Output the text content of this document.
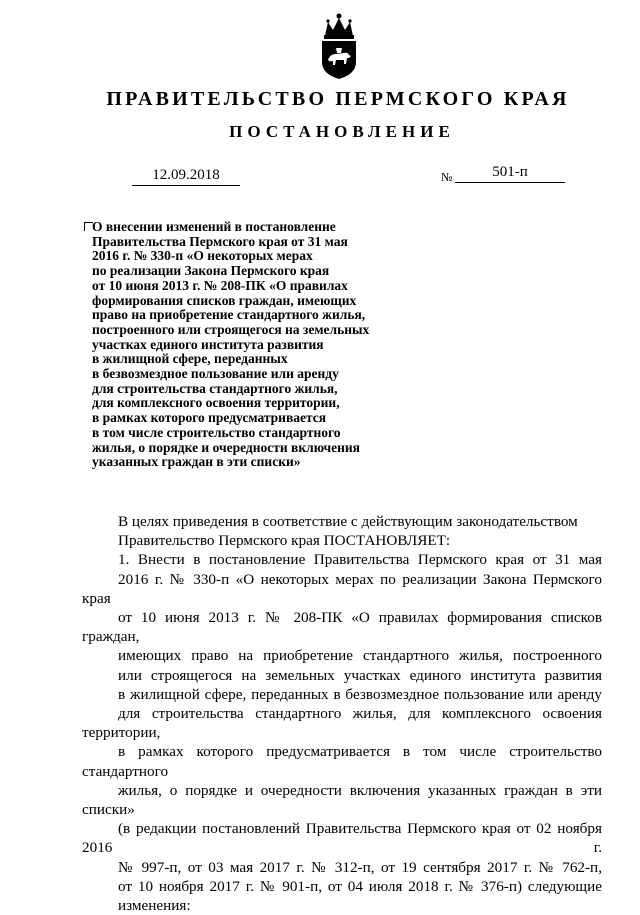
ПРАВИТЕЛЬСТВО ПЕРМСКОГО КРАЯ
ПОСТАНОВЛЕНИЕ
12.09.2018	№	501-п
О внесении изменений в постановление
Правительства Пермского края от 31 мая
2016 г. № 330-п «О некоторых мерах
по реализации Закона Пермского края
от 10 июня 2013 г. № 208-ПК «О правилах
формирования списков граждан, имеющих
право на приобретение стандартного жилья,
построенного или строящегося на земельных
участках единого института развития
в жилищной сфере, переданных
в безвозмездное пользование или аренду
для строительства стандартного жилья,
для комплексного освоения территории,
в рамках которого предусматривается
в том числе строительство стандартного
жилья, о порядке и очередности включения
указанных граждан в эти списки»

В целях приведения в соответствие с действующим законодательством

Правительство Пермского края ПОСТАНОВЛЯЕТ:

1. Внести в постановление Правительства Пермского края от 31 мая
2016 г. № 330-п «О некоторых мерах по реализации Закона Пермского края
от 10 июня 2013 г. № 208-ПК «О правилах формирования списков граждан,
имеющих право на приобретение стандартного жилья, построенного
или строящегося на земельных участках единого института развития
в жилищной сфере, переданных в безвозмездное пользование или аренду
для строительства стандартного жилья, для комплексного освоения территории,
в рамках которого предусматривается в том числе строительство стандартного
жилья, о порядке и очередности включения указанных граждан в эти списки»
(в редакции постановлений Правительства Пермского края от 02 ноября 2016 г.
№ 997-п, от 03 мая 2017 г. № 312-п, от 19 сентября 2017 г. № 762-п,
от 10 ноября 2017 г. № 901-п, от 04 июля 2018 г. № 376-п) следующие
изменения:
